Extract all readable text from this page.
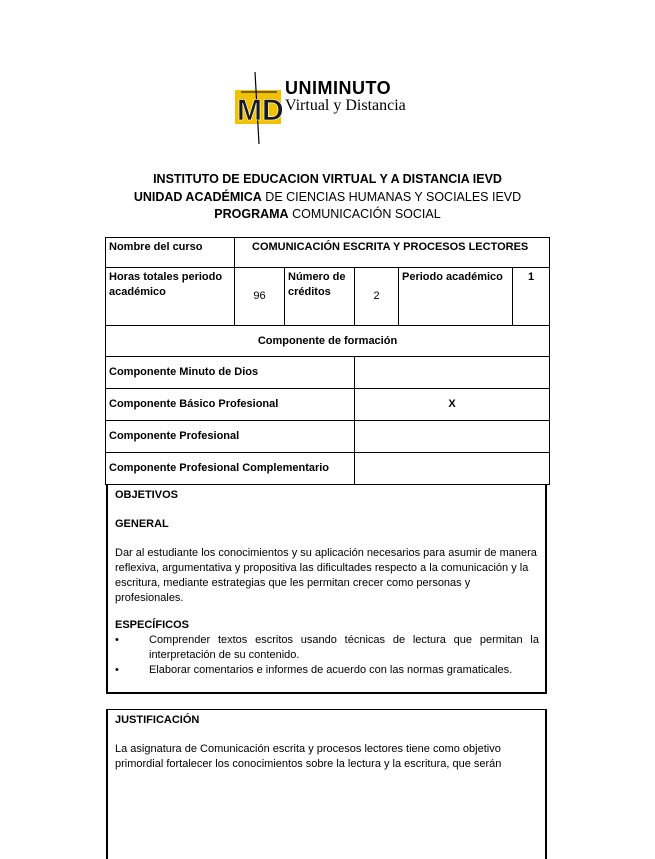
MD
UNIMINUTO
Virtual y Distancia
INSTITUTO DE EDUCACION VIRTUAL Y A DISTANCIA IEVD
UNIDAD ACADÉMICA DE CIENCIAS HUMANAS Y SOCIALES IEVD
PROGRAMA COMUNICACIÓN SOCIAL
Nombre del curso	COMUNICACIÓN ESCRITA Y PROCESOS LECTORES				
Horas totales periodo académico	96	Número de créditos	2	Periodo académico	1
Componente de formación					
Componente Minuto de Dios					
Componente Básico Profesional			X		
Componente Profesional					
Componente Profesional Complementario					

OBJETIVOS

GENERAL

Dar al estudiante los conocimientos y su aplicación necesarios para asumir de manera reflexiva, argumentativa y propositiva las dificultades respecto a la comunicación y la escritura, mediante estrategias que les permitan crecer como personas y profesionales.

ESPECÍFICOS

•	Comprender textos escritos usando técnicas de lectura que permitan la interpretación de su contenido.
•	Elaborar comentarios e informes de acuerdo con las normas gramaticales.

JUSTIFICACIÓN

La asignatura de Comunicación escrita y procesos lectores tiene como objetivo primordial fortalecer los conocimientos sobre la lectura y la escritura, que serán
